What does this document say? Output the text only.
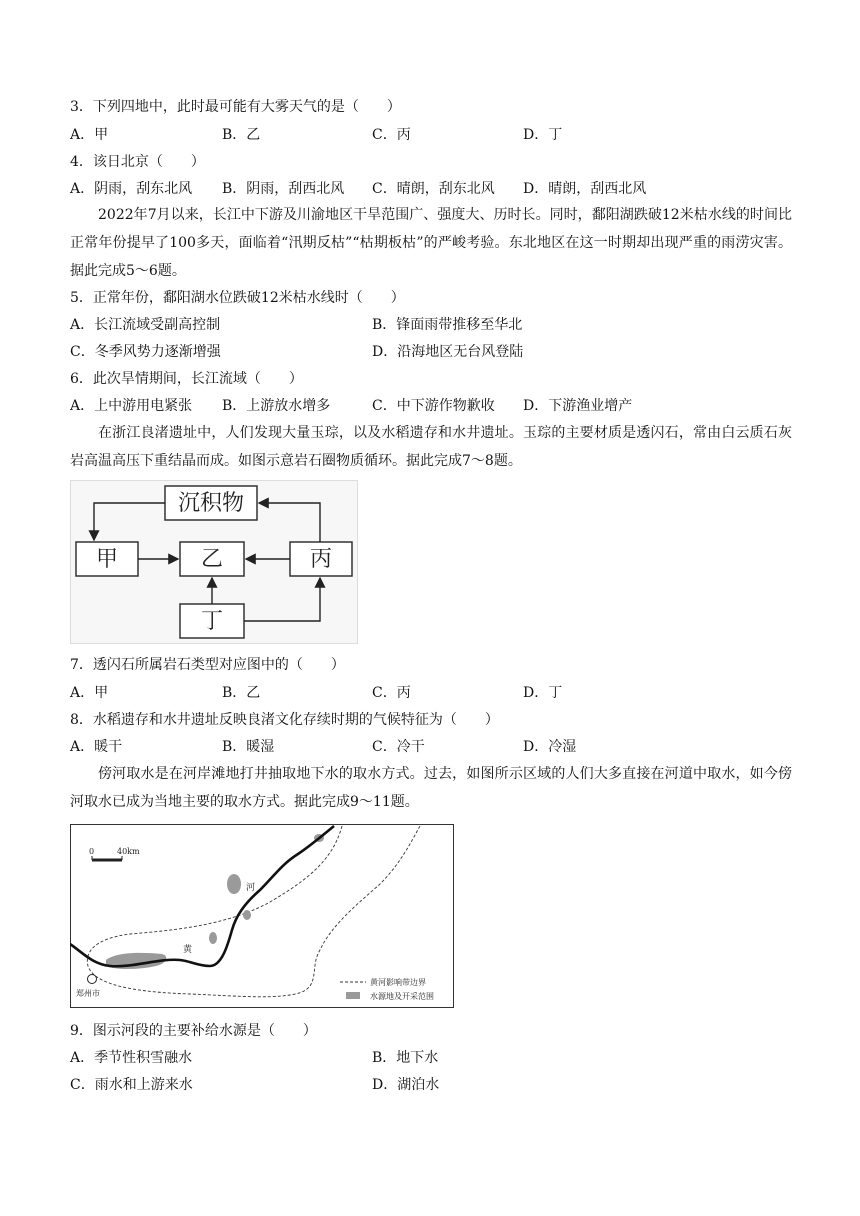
3．下列四地中，此时最可能有大雾天气的是（　　）
A．甲	B．乙	C．丙	D．丁
4．该日北京（　　）
A．阴雨，刮东北风 B．阴雨，刮西北风 C．晴朗，刮东北风 D．晴朗，刮西北风
2022年7月以来，长江中下游及川渝地区干旱范围广、强度大、历时长。同时，鄱阳湖跌破12米枯水线的时间比正常年份提早了100多天，面临着“汛期反枯”“枯期板枯”的严峻考验。东北地区在这一时期却出现严重的雨涝灾害。据此完成5～6题。
5．正常年份，鄱阳湖水位跌破12米枯水线时（　　）
A．长江流域受副高控制	B．锋面雨带推移至华北
C．冬季风势力逐渐增强	D．沿海地区无台风登陆
6．此次旱情期间，长江流域（　　）
A．上中游用电紧张 B．上游放水增多	C．中下游作物歉收 D．下游渔业增产
在浙江良渚遗址中，人们发现大量玉琮，以及水稻遗存和水井遗址。玉琮的主要材质是透闪石，常由白云质石灰岩高温高压下重结晶而成。如图示意岩石圈物质循环。据此完成7～8题。
沉积物
甲	乙	丙
丁
7．透闪石所属岩石类型对应图中的（　　）
A．甲	B．乙	C．丙	D．丁
8．水稻遗存和水井遗址反映良渚文化存续时期的气候特征为（　　）
A．暖干	B．暖湿	C．冷干	D．冷湿
傍河取水是在河岸滩地打井抽取地下水的取水方式。过去，如图所示区域的人们大多直接在河道中取水，如今傍河取水已成为当地主要的取水方式。据此完成9～11题。
0	40km
河
黄
郑州市
黄河影响带边界
水源地及开采范围
9．图示河段的主要补给水源是（　　）
A．季节性积雪融水	B．地下水
C．雨水和上游来水	D．湖泊水
